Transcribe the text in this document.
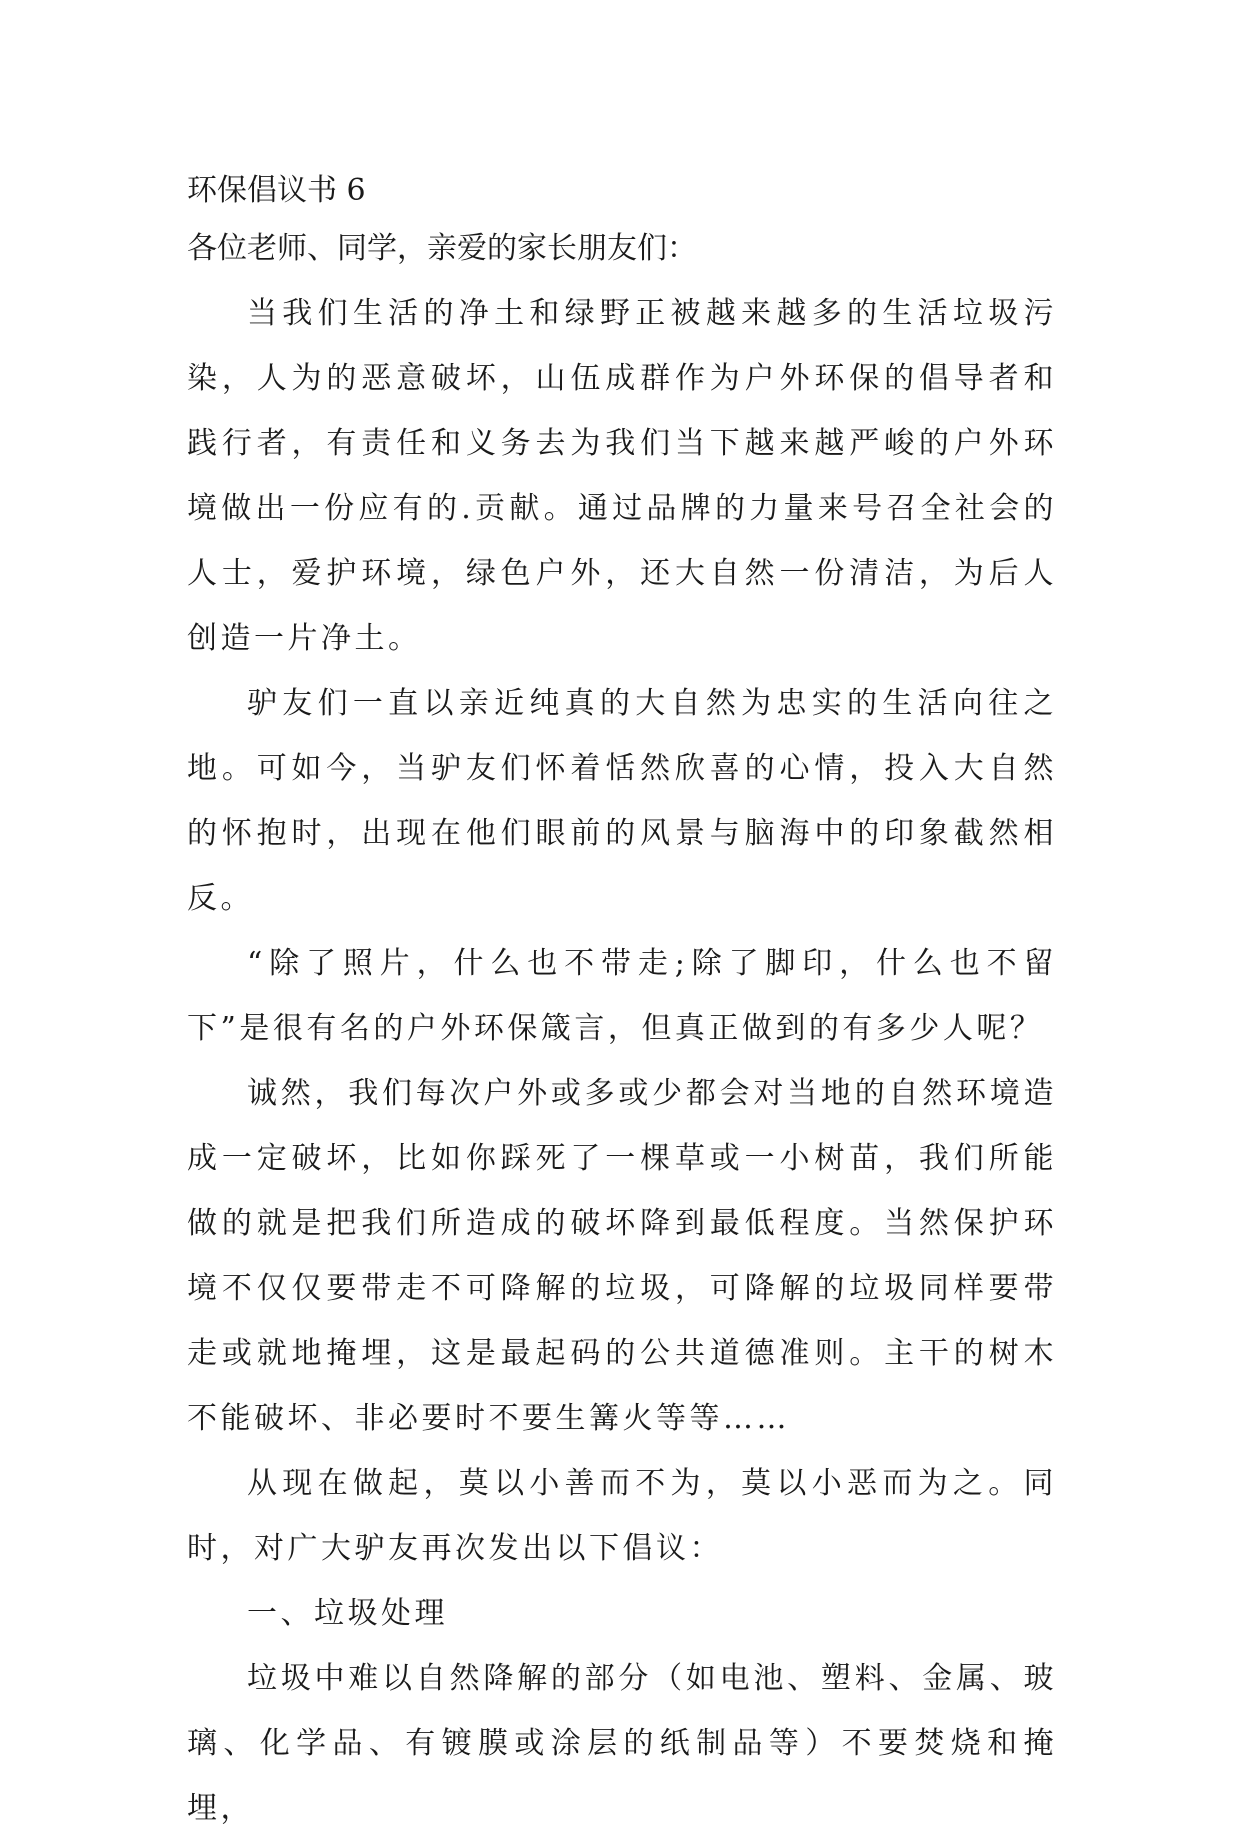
环保倡议书 6

各位老师、同学，亲爱的家长朋友们：

当我们生活的净土和绿野正被越来越多的生活垃圾污染，人为的恶意破坏，山伍成群作为户外环保的倡导者和践行者，有责任和义务去为我们当下越来越严峻的户外环境做出一份应有的.贡献。通过品牌的力量来号召全社会的人士，爱护环境，绿色户外，还大自然一份清洁，为后人创造一片净土。

驴友们一直以亲近纯真的大自然为忠实的生活向往之地。可如今，当驴友们怀着恬然欣喜的心情，投入大自然的怀抱时，出现在他们眼前的风景与脑海中的印象截然相反。

“除了照片，什么也不带走;除了脚印，什么也不留下”是很有名的户外环保箴言，但真正做到的有多少人呢？

诚然，我们每次户外或多或少都会对当地的自然环境造成一定破坏，比如你踩死了一棵草或一小树苗，我们所能做的就是把我们所造成的破坏降到最低程度。当然保护环境不仅仅要带走不可降解的垃圾，可降解的垃圾同样要带走或就地掩埋，这是最起码的公共道德准则。主干的树木不能破坏、非必要时不要生篝火等等……

从现在做起，莫以小善而不为，莫以小恶而为之。同时，对广大驴友再次发出以下倡议：

一、垃圾处理

垃圾中难以自然降解的部分（如电池、塑料、金属、玻璃、化学品、有镀膜或涂层的纸制品等）不要焚烧和掩埋，
